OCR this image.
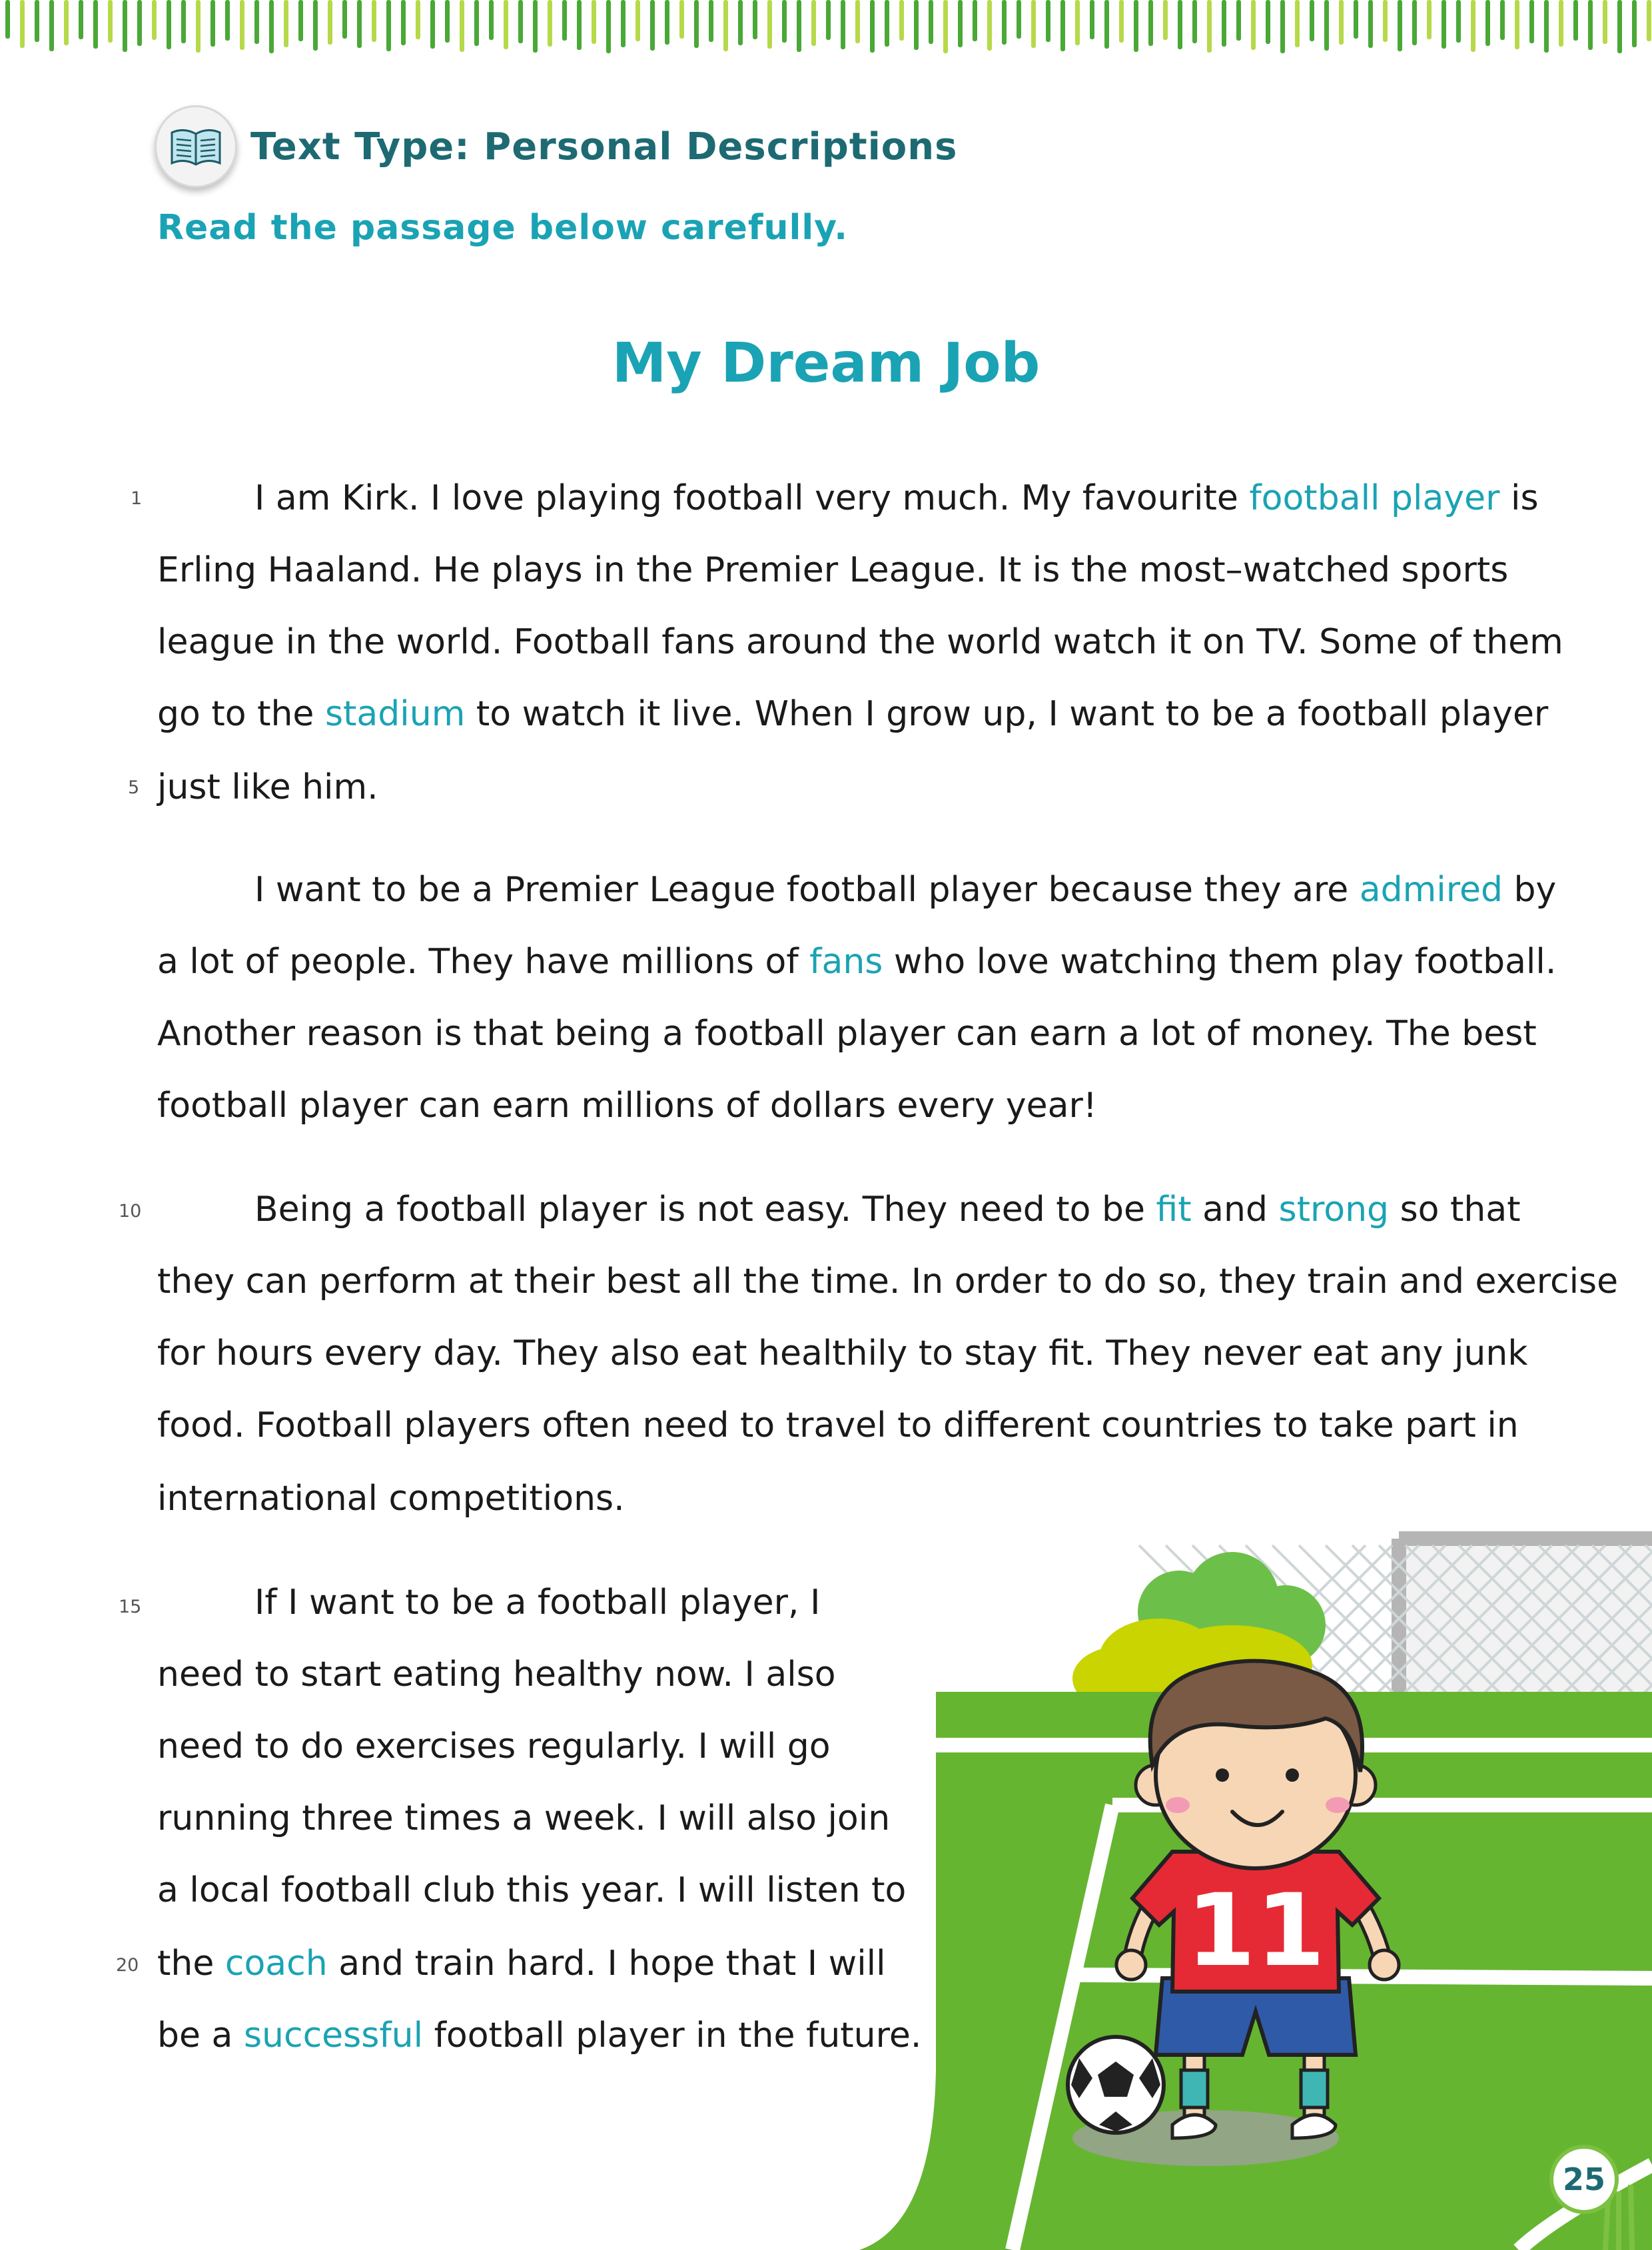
Text Type: Personal Descriptions
Read the passage below carefully.
My Dream Job
1
5
10
15
20
I am Kirk. I love playing football very much. My favourite football player is
Erling Haaland. He plays in the Premier League. It is the most–watched sports
league in the world. Football fans around the world watch it on TV. Some of them
go to the stadium to watch it live. When I grow up, I want to be a football player
just like him.
I want to be a Premier League football player because they are admired by
a lot of people. They have millions of fans who love watching them play football.
Another reason is that being a football player can earn a lot of money. The best
football player can earn millions of dollars every year!
Being a football player is not easy. They need to be fit and strong so that
they can perform at their best all the time. In order to do so, they train and exercise
for hours every day. They also eat healthily to stay fit. They never eat any junk
food. Football players often need to travel to different countries to take part in
international competitions.
If I want to be a football player, I
need to start eating healthy now. I also
need to do exercises regularly. I will go
running three times a week. I will also join
a local football club this year. I will listen to
the coach and train hard. I hope that I will
be a successful football player in the future.
11
25
